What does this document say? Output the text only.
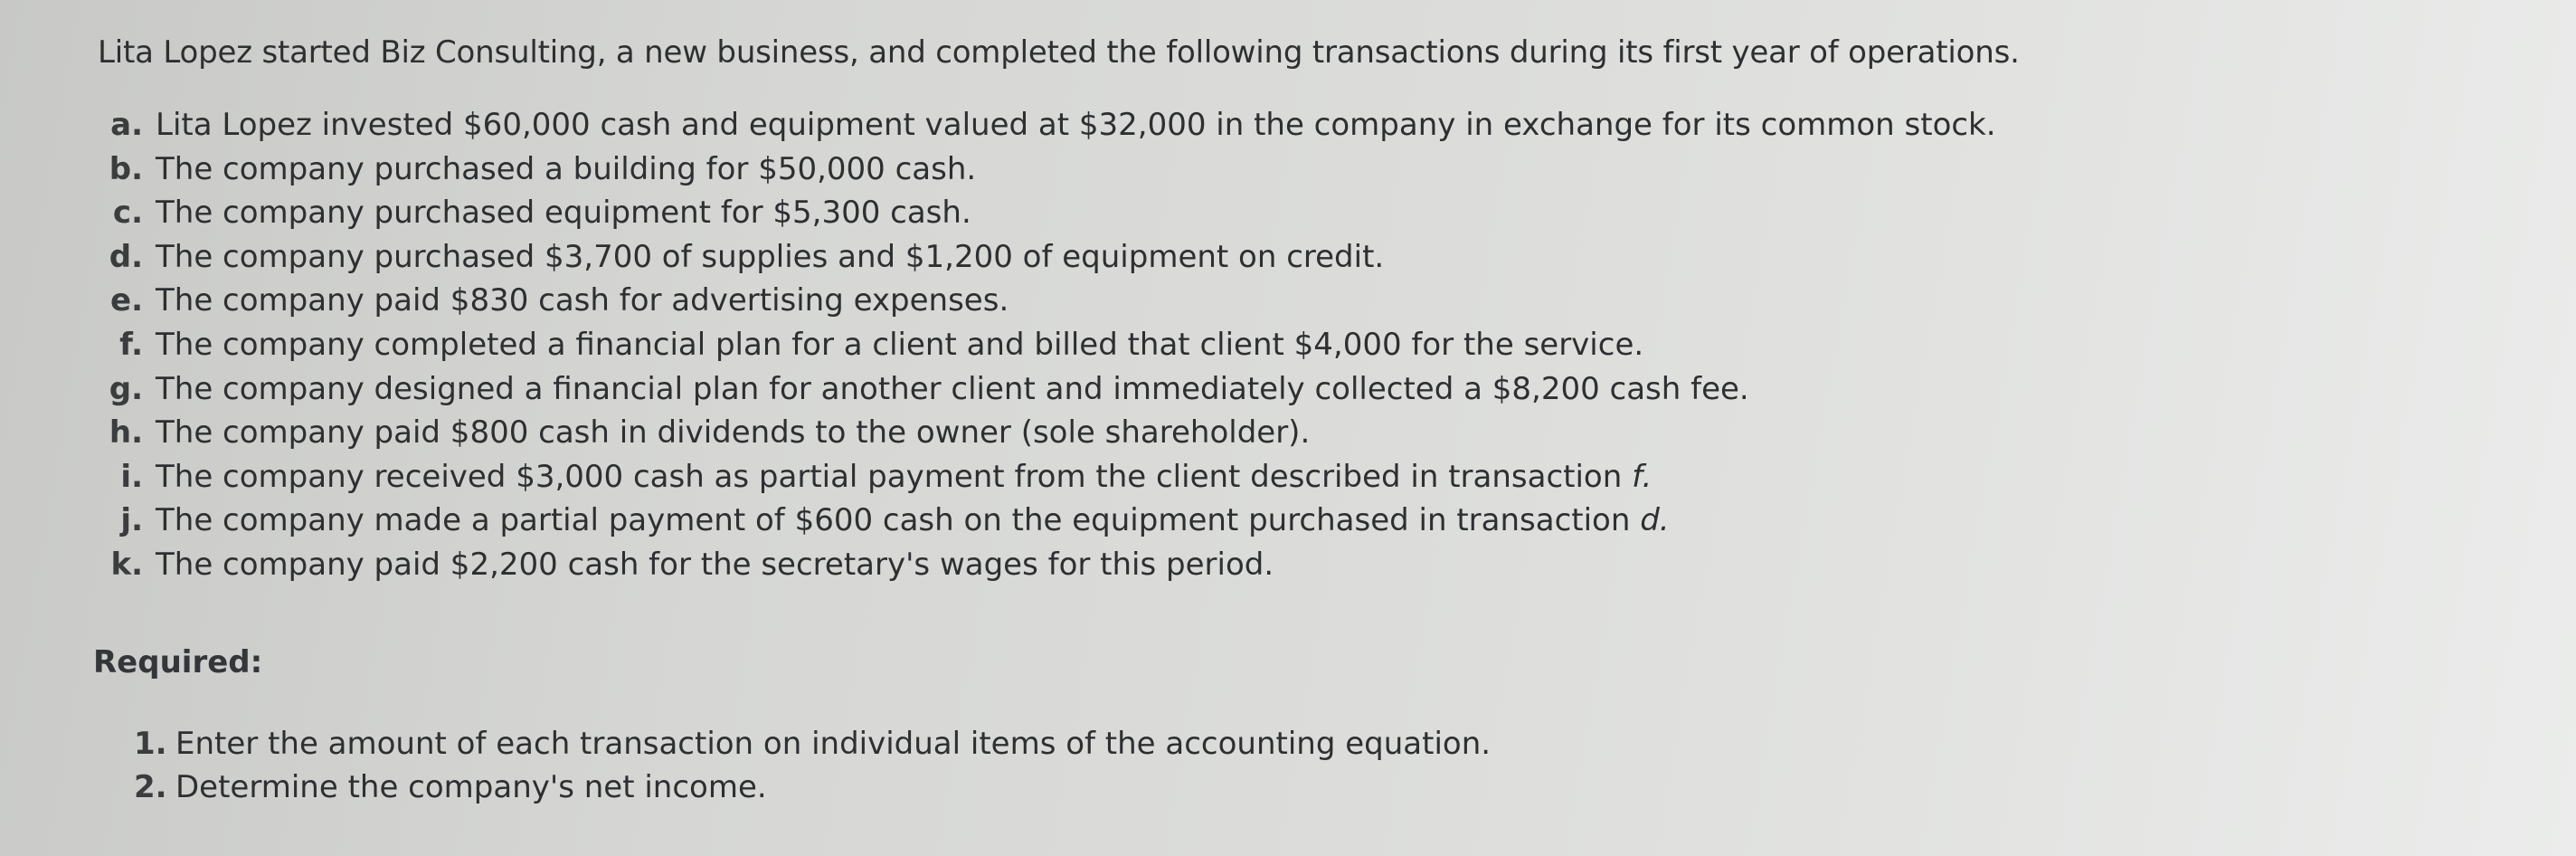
Lita Lopez started Biz Consulting, a new business, and completed the following transactions during its first year of operations.

a. Lita Lopez invested $60,000 cash and equipment valued at $32,000 in the company in exchange for its common stock.
b. The company purchased a building for $50,000 cash.
c. The company purchased equipment for $5,300 cash.
d. The company purchased $3,700 of supplies and $1,200 of equipment on credit.
e. The company paid $830 cash for advertising expenses.
f. The company completed a financial plan for a client and billed that client $4,000 for the service.
g. The company designed a financial plan for another client and immediately collected a $8,200 cash fee.
h. The company paid $800 cash in dividends to the owner (sole shareholder).
i. The company received $3,000 cash as partial payment from the client described in transaction f.
j. The company made a partial payment of $600 cash on the equipment purchased in transaction d.
k. The company paid $2,200 cash for the secretary's wages for this period.

Required:

1. Enter the amount of each transaction on individual items of the accounting equation.
2. Determine the company's net income.
